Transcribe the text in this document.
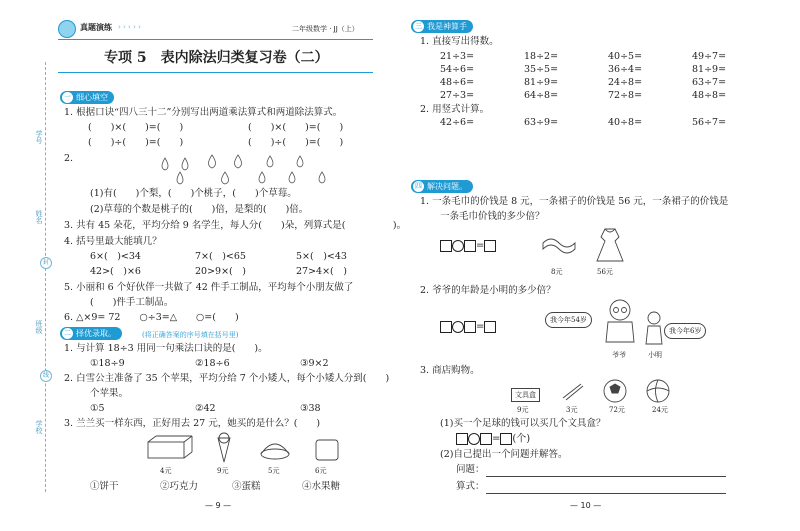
真题演练 › › › › ›	二年级数学 · JJ（上）
专项 5　表内除法归类复习卷（二）
学号
姓名
班级
学校
封
线
一 细心填空
1. 根据口诀“四八三十二”分别写出两道乘法算式和两道除法算式。
(　　)×(　　)=(　　)	(　　)×(　　)=(　　)
(　　)÷(　　)=(　　)	(　　)÷(　　)=(　　)
2.
(1)有(　　)个梨，(　　)个桃子，(　　)个草莓。
(2)草莓的个数是桃子的(　　)倍，是梨的(　　)倍。
3. 共有 45 朵花，平均分给 9 名学生，每人分(　　)朵，列算式是(　　　　　)。
4. 括号里最大能填几？
6×(　)<34	7×(　)<65	5×(　)<43
42>(　)×6	20>9×(　)	27>4×(　)
5. 小丽和 6 个好伙伴一共做了 42 件手工制品，平均每个小朋友做了
(　　)件手工制品。
6. △×9= 72　　○÷3=△　　○=(　　)
二 择优录取。	(将正确答案的序号填在括号里)
1. 与计算 18÷3 用同一句乘法口诀的是(　　)。
①18÷9	②18÷6	③9×2
2. 白雪公主准备了 35 个苹果，平均分给 7 个小矮人，每个小矮人分到(　　)
个苹果。
①5	②42	③38
3. 兰兰买一样东西，正好用去 27 元，她买的是什么？(　　)
4元	9元	5元	6元
①饼干	②巧克力	③蛋糕	④水果糖
— 9 —
三 我是神算手
1. 直接写出得数。
21÷3=	18÷2=	40÷5=	49÷7=
54÷6=	35÷5=	36÷4=	81÷9=
48÷6=	81÷9=	24÷8=	63÷7=
27÷3=	64÷8=	72÷8=	48÷8=
2. 用竖式计算。
42÷6=	63÷9=	40÷8=	56÷7=
四 解决问题。
1. 一条毛巾的价钱是 8 元，一条裙子的价钱是 56 元，一条裙子的价钱是
一条毛巾价钱的多少倍？
=
8元	56元
2. 爷爷的年龄是小明的多少倍？
=
我今年54岁
我今年6岁
爷爷	小明
3. 商店购物。
文具盒
9元	3元	72元	24元
(1)买一个足球的钱可以买几个文具盒？
= (个)
(2)自己提出一个问题并解答。
问题：
算式：
— 10 —
